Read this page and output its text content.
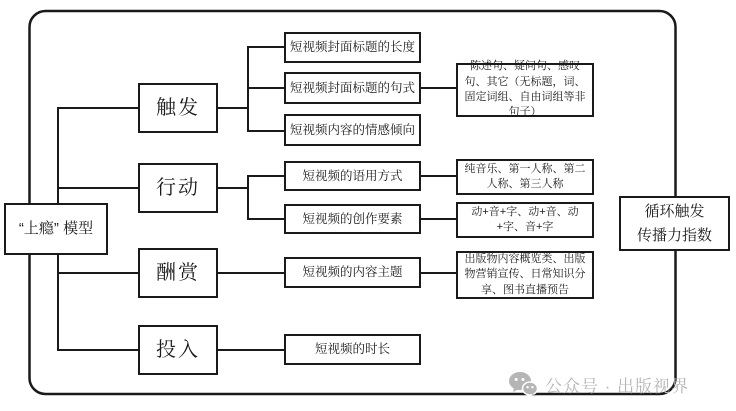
“上瘾” 模型
触发
行动
酬赏
投入
短视频封面标题的长度
短视频封面标题的句式
短视频内容的情感倾向
短视频的语用方式
短视频的创作要素
短视频的内容主题
短视频的时长
陈述句、疑问句、感叹句、其它（无标题，词、固定词组、自由词组等非句子）
纯音乐、第一人称、第二人称、第三人称
动+音+字、动+音、动+字、音+字
出版物内容概览类、出版物营销宣传、日常知识分享、图书直播预告
循环触发
传播力指数
公众号 · 出版视界
